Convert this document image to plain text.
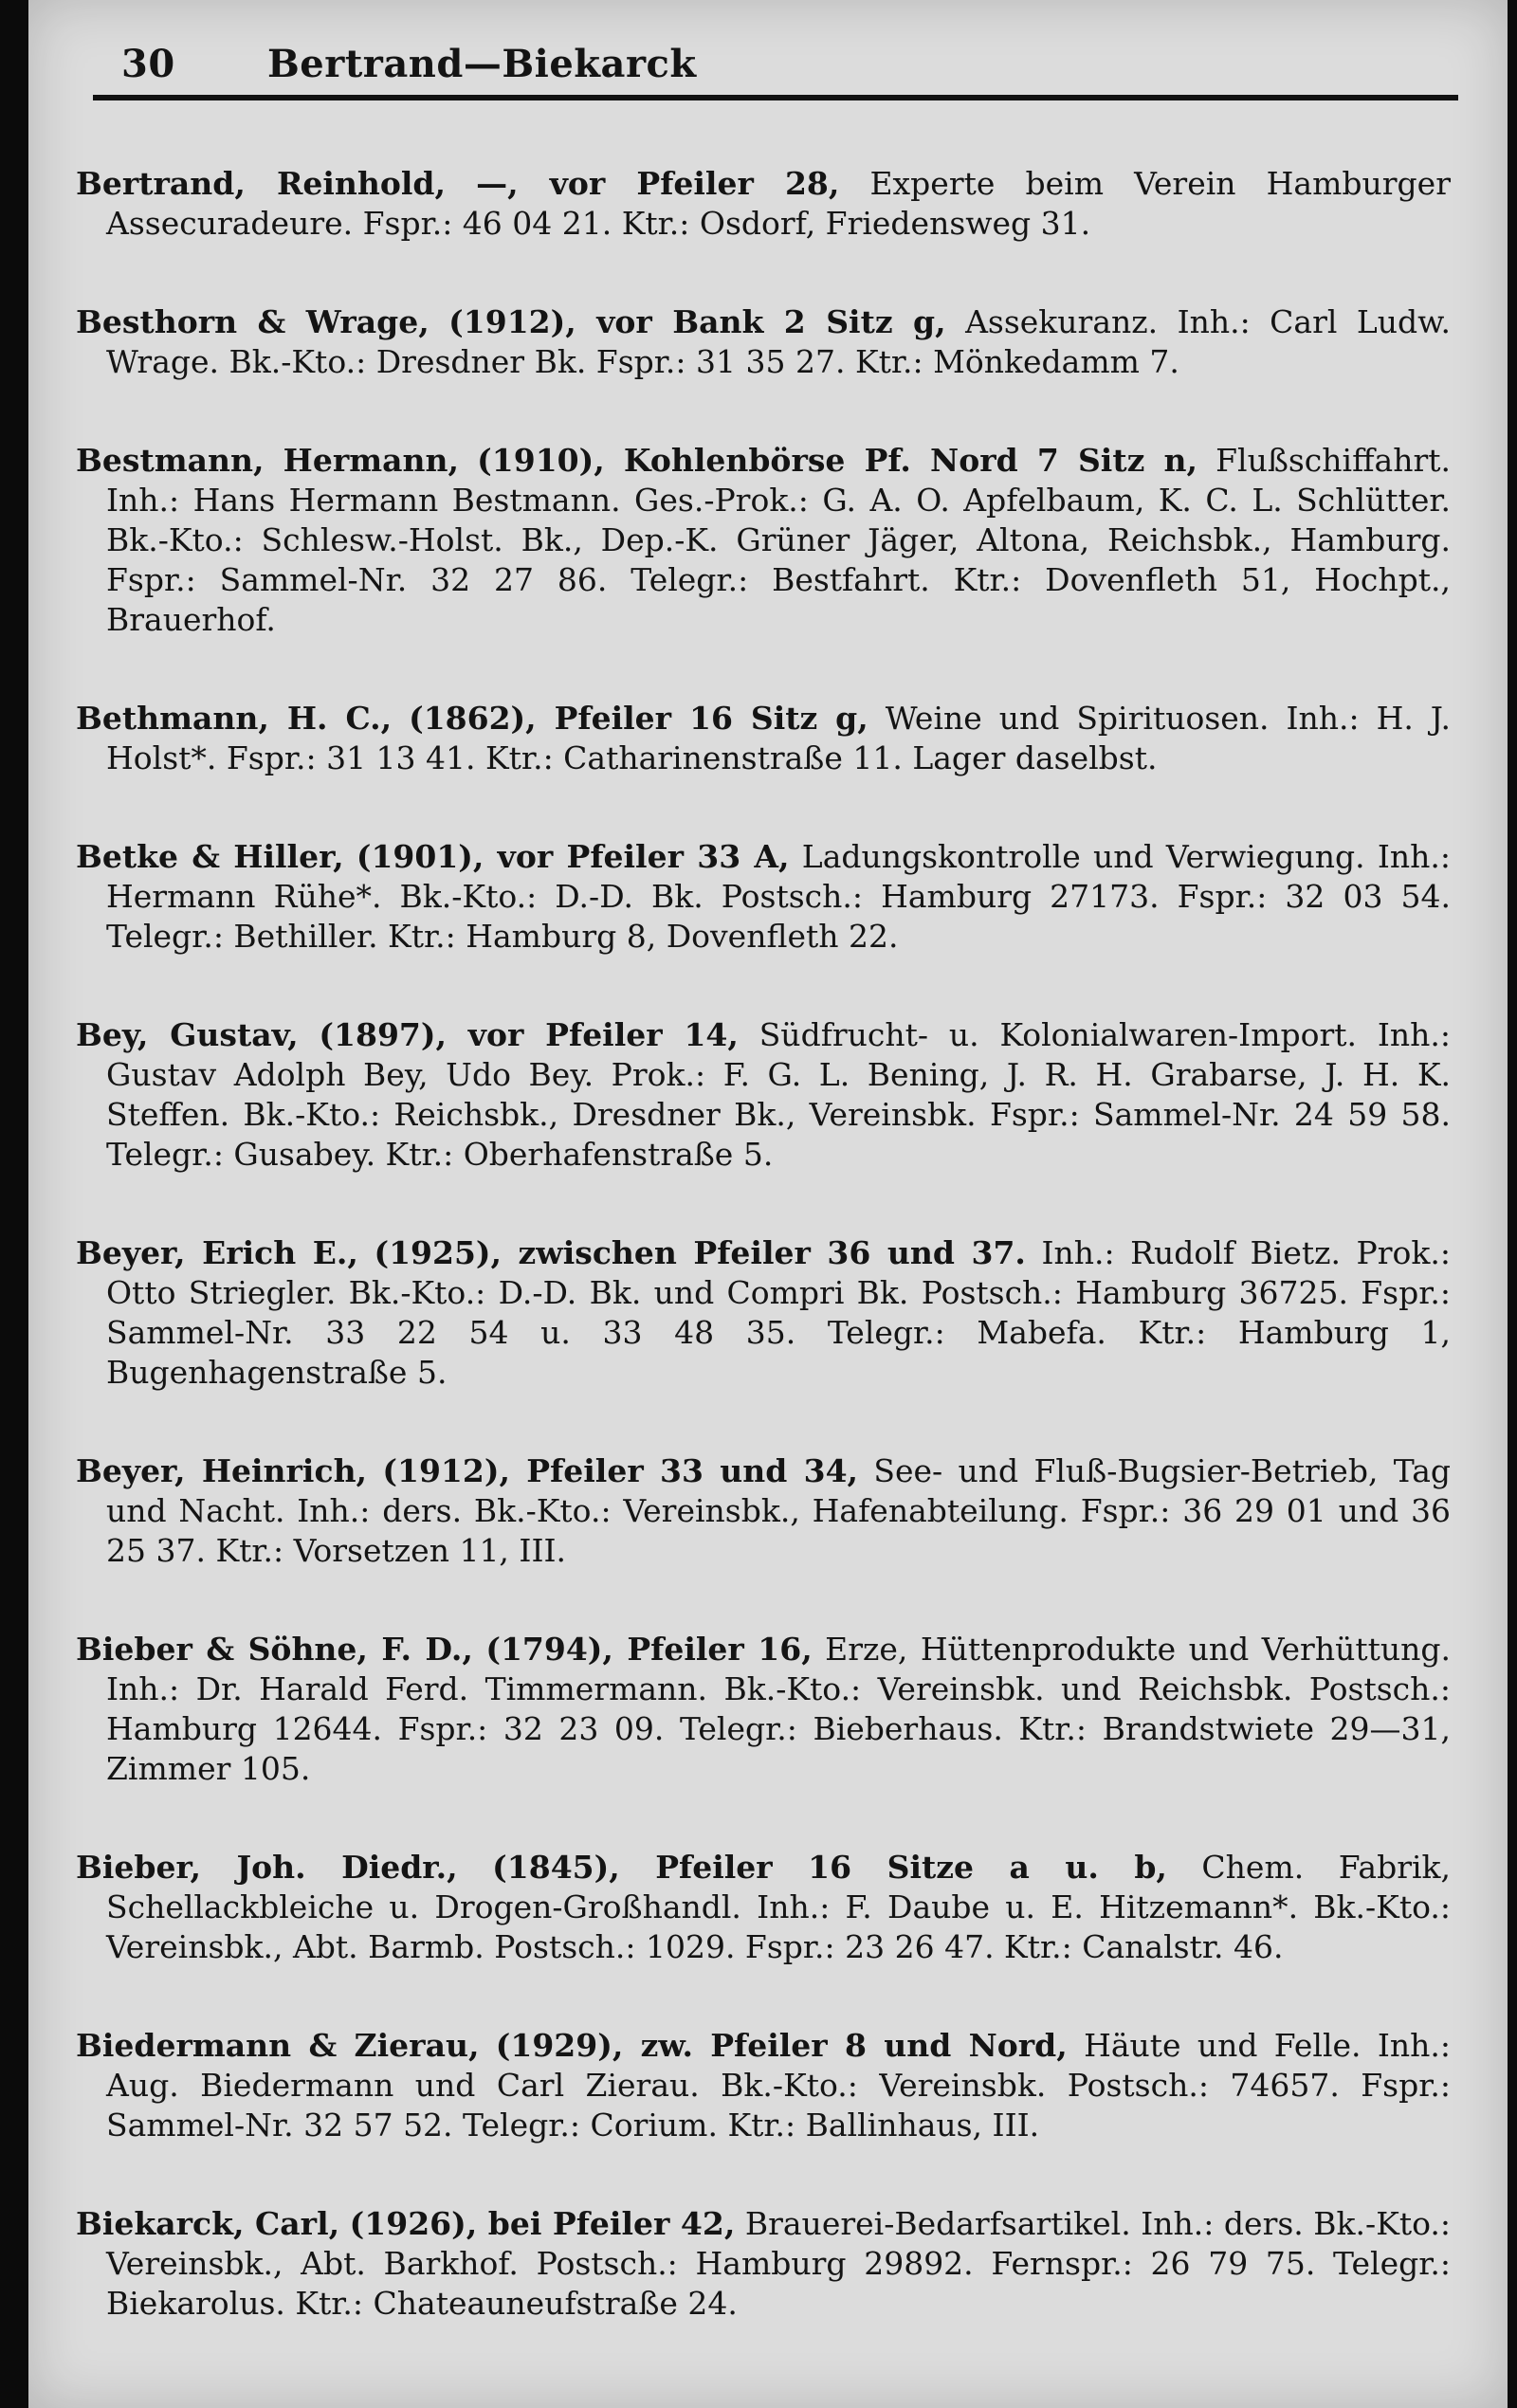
30 Bertrand—Biekarck

Bertrand, Reinhold, —, vor Pfeiler 28, Experte beim Verein Hamburger Assecuradeure. Fspr.: 46 04 21. Ktr.: Osdorf, Friedensweg 31.

Besthorn & Wrage, (1912), vor Bank 2 Sitz g, Assekuranz. Inh.: Carl Ludw. Wrage. Bk.-Kto.: Dresdner Bk. Fspr.: 31 35 27. Ktr.: Mönkedamm 7.

Bestmann, Hermann, (1910), Kohlenbörse Pf. Nord 7 Sitz n, Flußschiffahrt. Inh.: Hans Hermann Bestmann. Ges.-Prok.: G. A. O. Apfelbaum, K. C. L. Schlütter. Bk.-Kto.: Schlesw.-Holst. Bk., Dep.-K. Grüner Jäger, Altona, Reichsbk., Hamburg. Fspr.: Sammel-Nr. 32 27 86. Telegr.: Bestfahrt. Ktr.: Dovenfleth 51, Hochpt., Brauerhof.

Bethmann, H. C., (1862), Pfeiler 16 Sitz g, Weine und Spirituosen. Inh.: H. J. Holst*. Fspr.: 31 13 41. Ktr.: Catharinenstraße 11. Lager daselbst.

Betke & Hiller, (1901), vor Pfeiler 33 A, Ladungskontrolle und Verwiegung. Inh.: Hermann Rühe*. Bk.-Kto.: D.-D. Bk. Postsch.: Hamburg 27173. Fspr.: 32 03 54. Telegr.: Bethiller. Ktr.: Hamburg 8, Dovenfleth 22.

Bey, Gustav, (1897), vor Pfeiler 14, Südfrucht- u. Kolonialwaren-Import. Inh.: Gustav Adolph Bey, Udo Bey. Prok.: F. G. L. Bening, J. R. H. Grabarse, J. H. K. Steffen. Bk.-Kto.: Reichsbk., Dresdner Bk., Vereinsbk. Fspr.: Sammel-Nr. 24 59 58. Telegr.: Gusabey. Ktr.: Oberhafenstraße 5.

Beyer, Erich E., (1925), zwischen Pfeiler 36 und 37. Inh.: Rudolf Bietz. Prok.: Otto Striegler. Bk.-Kto.: D.-D. Bk. und Compri Bk. Postsch.: Hamburg 36725. Fspr.: Sammel-Nr. 33 22 54 u. 33 48 35. Telegr.: Mabefa. Ktr.: Hamburg 1, Bugenhagenstraße 5.

Beyer, Heinrich, (1912), Pfeiler 33 und 34, See- und Fluß-Bugsier-Betrieb, Tag und Nacht. Inh.: ders. Bk.-Kto.: Vereinsbk., Hafenabteilung. Fspr.: 36 29 01 und 36 25 37. Ktr.: Vorsetzen 11, III.

Bieber & Söhne, F. D., (1794), Pfeiler 16, Erze, Hüttenprodukte und Verhüttung. Inh.: Dr. Harald Ferd. Timmermann. Bk.-Kto.: Vereinsbk. und Reichsbk. Postsch.: Hamburg 12644. Fspr.: 32 23 09. Telegr.: Bieberhaus. Ktr.: Brandstwiete 29—31, Zimmer 105.

Bieber, Joh. Diedr., (1845), Pfeiler 16 Sitze a u. b, Chem. Fabrik, Schellackbleiche u. Drogen-Großhandl. Inh.: F. Daube u. E. Hitzemann*. Bk.-Kto.: Vereinsbk., Abt. Barmb. Postsch.: 1029. Fspr.: 23 26 47. Ktr.: Canalstr. 46.

Biedermann & Zierau, (1929), zw. Pfeiler 8 und Nord, Häute und Felle. Inh.: Aug. Biedermann und Carl Zierau. Bk.-Kto.: Vereinsbk. Postsch.: 74657. Fspr.: Sammel-Nr. 32 57 52. Telegr.: Corium. Ktr.: Ballinhaus, III.

Biekarck, Carl, (1926), bei Pfeiler 42, Brauerei-Bedarfsartikel. Inh.: ders. Bk.-Kto.: Vereinsbk., Abt. Barkhof. Postsch.: Hamburg 29892. Fernspr.: 26 79 75. Telegr.: Biekarolus. Ktr.: Chateauneufstraße 24.
